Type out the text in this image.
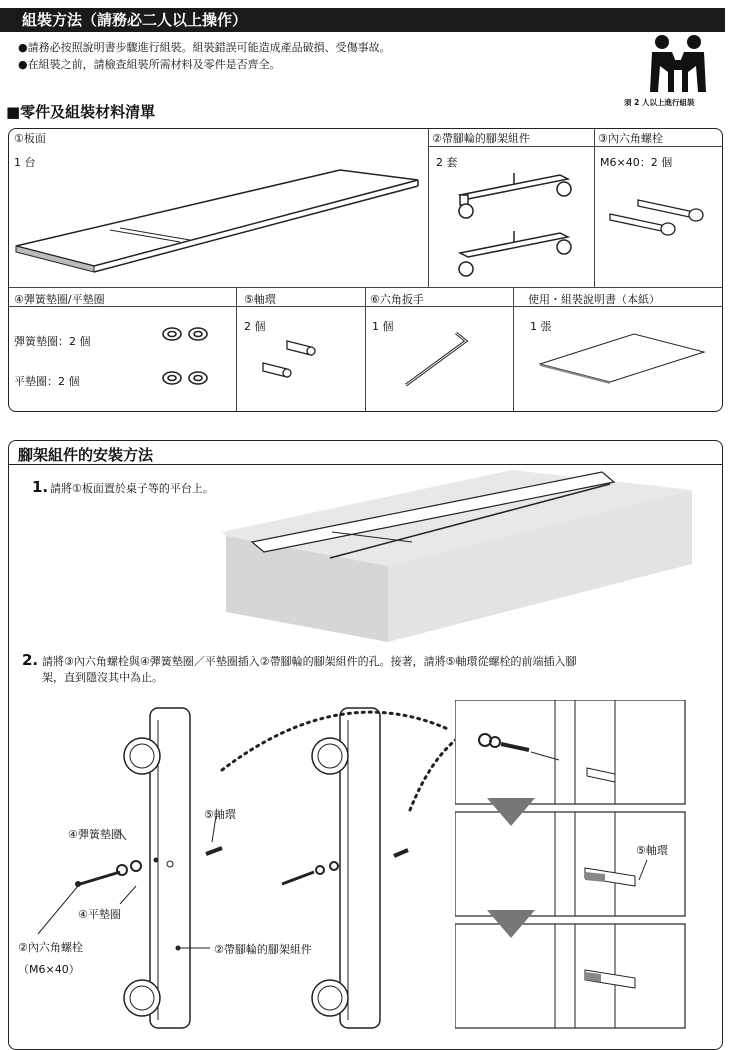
組裝方法（請務必二人以上操作）
●請務必按照說明書步驟進行組裝。組裝錯誤可能造成產品破損、受傷事故。
●在組裝之前，請檢查組裝所需材料及零件是否齊全。
須 2 人以上進行組裝
■零件及組裝材料清單
①板面
1 台
②帶腳輪的腳架組件
2 套
③內六角螺栓
M6×40：2 個
④彈簧墊圈/平墊圈
彈簧墊圈：2 個
平墊圈：2 個
⑤軸環
2 個
⑥六角扳手
1 個
使用・組裝說明書（本紙）
1 張
腳架組件的安裝方法
1. 請將①板面置於桌子等的平台上。
2. 請將③內六角螺栓與④彈簧墊圈／平墊圈插入②帶腳輪的腳架組件的孔。接著，請將⑤軸環從螺栓的前端插入腳
架，直到隱沒其中為止。
⑤軸環
④彈簧墊圈
④平墊圈
②內六角螺栓
（M6×40）
②帶腳輪的腳架組件
⑤軸環
